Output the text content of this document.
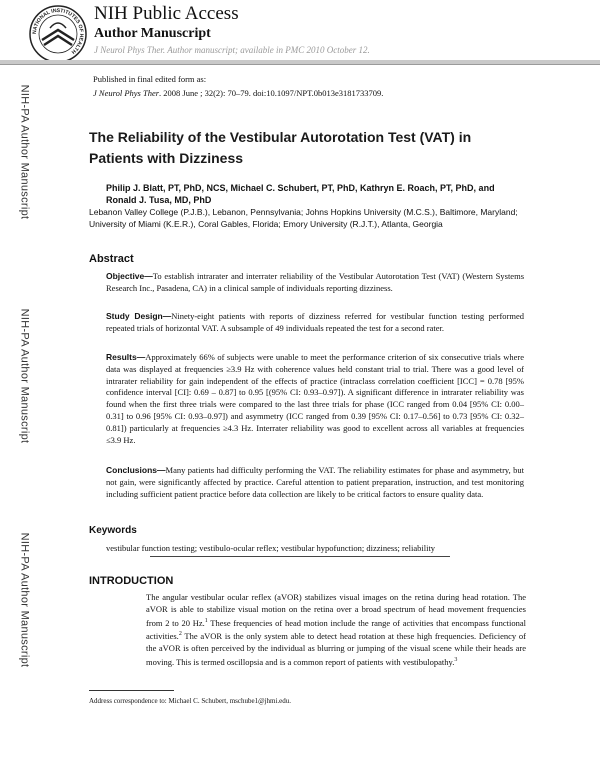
NATIONAL INSTITUTES OF HEALTH
NIH Public Access
Author Manuscript
J Neurol Phys Ther. Author manuscript; available in PMC 2010 October 12.
NIH-PA Author Manuscript
NIH-PA Author Manuscript
NIH-PA Author Manuscript
Published in final edited form as:
J Neurol Phys Ther. 2008 June ; 32(2): 70–79. doi:10.1097/NPT.0b013e3181733709.
The Reliability of the Vestibular Autorotation Test (VAT) in Patients with Dizziness
Philip J. Blatt, PT, PhD, NCS, Michael C. Schubert, PT, PhD, Kathryn E. Roach, PT, PhD, and Ronald J. Tusa, MD, PhD
Lebanon Valley College (P.J.B.), Lebanon, Pennsylvania; Johns Hopkins University (M.C.S.), Baltimore, Maryland; University of Miami (K.E.R.), Coral Gables, Florida; Emory University (R.J.T.), Atlanta, Georgia
Abstract
Objective—To establish intrarater and interrater reliability of the Vestibular Autorotation Test (VAT) (Western Systems Research Inc., Pasadena, CA) in a clinical sample of individuals reporting dizziness.
Study Design—Ninety-eight patients with reports of dizziness referred for vestibular function testing performed repeated trials of horizontal VAT. A subsample of 49 individuals repeated the test for a second rater.
Results—Approximately 66% of subjects were unable to meet the performance criterion of six consecutive trials where data was displayed at frequencies ≥3.9 Hz with coherence values held constant trial to trial. There was a good level of intrarater reliability for gain independent of the effects of practice (intraclass correlation coefficient [ICC] = 0.78 [95% confidence interval [CI]: 0.69 – 0.87] to 0.95 [(95% CI: 0.93–0.97]). A significant difference in intrarater reliability was found when the first three trials were compared to the last three trials for phase (ICC ranged from 0.04 [95% CI: 0.00–0.31] to 0.96 [95% CI: 0.93–0.97]) and asymmetry (ICC ranged from 0.39 [95% CI: 0.17–0.56] to 0.73 [95% CI: 0.32–0.81]) particularly at frequencies ≥4.3 Hz. Interrater reliability was good to excellent across all variables at frequencies ≤3.9 Hz.
Conclusions—Many patients had difficulty performing the VAT. The reliability estimates for phase and asymmetry, but not gain, were significantly affected by practice. Careful attention to patient preparation, instruction, and test monitoring including sufficient patient practice before data collection are likely to be critical factors to ensure quality data.
Keywords
vestibular function testing; vestibulo-ocular reflex; vestibular hypofunction; dizziness; reliability
INTRODUCTION
The angular vestibular ocular reflex (aVOR) stabilizes visual images on the retina during head rotation. The aVOR is able to stabilize visual motion on the retina over a broad spectrum of head movement frequencies from 2 to 20 Hz.$^1$ These frequencies of head motion include the range of activities that encompass functional activities.$^2$ The aVOR is the only system able to detect head rotation at these high frequencies. Deficiency of the aVOR is often perceived by the individual as blurring or jumping of the visual scene while their heads are moving. This is termed oscillopsia and is a common report of patients with vestibulopathy.$^3$
Address correspondence to: Michael C. Schubert, mschube1@jhmi.edu.
